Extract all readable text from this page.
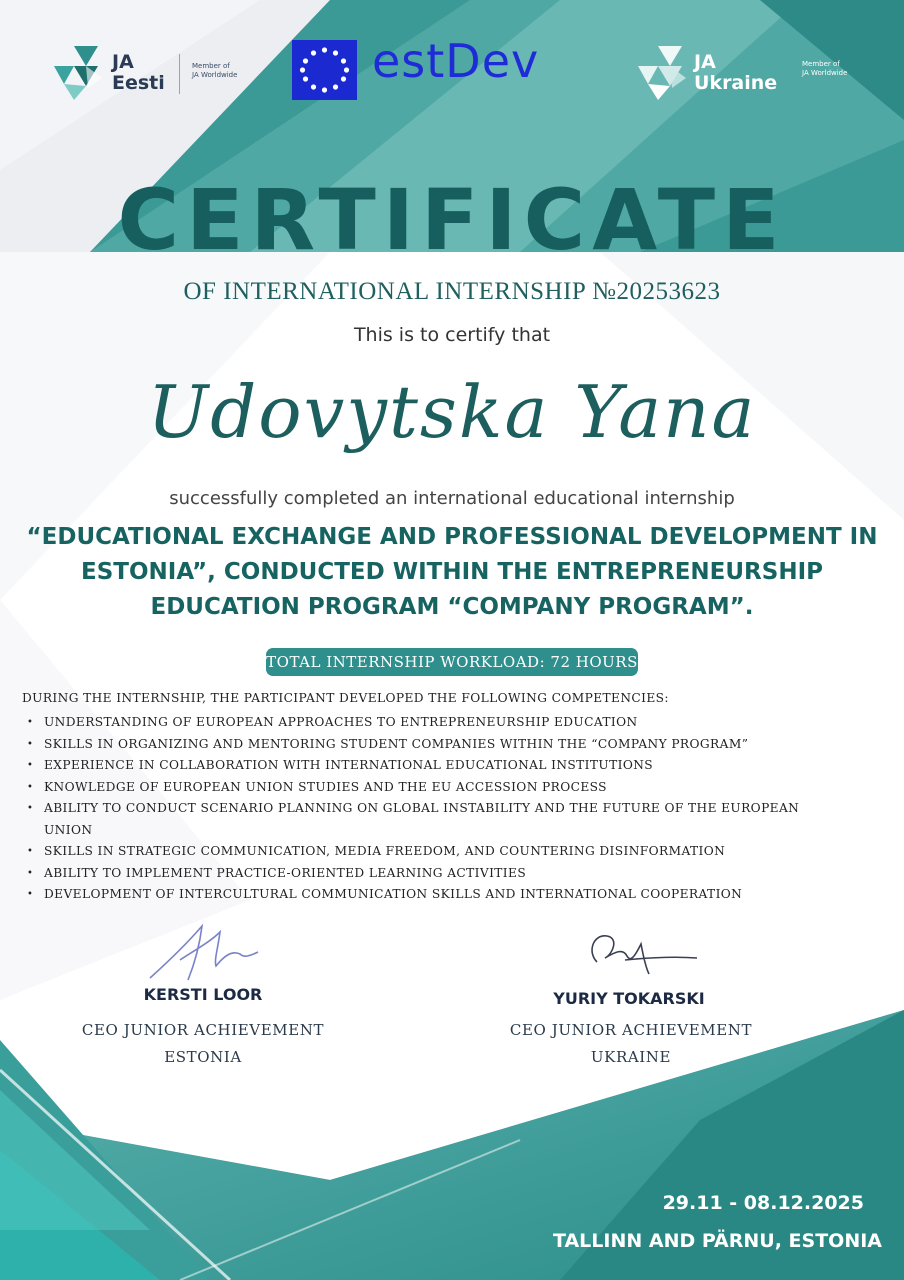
JA
Eesti
Member of
JA Worldwide	estDev	JA
Ukraine
Member of
JA Worldwide
CERTIFICATE
OF INTERNATIONAL INTERNSHIP №20253623
This is to certify that
Udovytska Yana
successfully completed an international educational internship
“EDUCATIONAL EXCHANGE AND PROFESSIONAL DEVELOPMENT IN
ESTONIA”, CONDUCTED WITHIN THE ENTREPRENEURSHIP
EDUCATION PROGRAM “COMPANY PROGRAM”.
TOTAL INTERNSHIP WORKLOAD: 72 HOURS
DURING THE INTERNSHIP, THE PARTICIPANT DEVELOPED THE FOLLOWING COMPETENCIES:
• UNDERSTANDING OF EUROPEAN APPROACHES TO ENTREPRENEURSHIP EDUCATION
• SKILLS IN ORGANIZING AND MENTORING STUDENT COMPANIES WITHIN THE “COMPANY PROGRAM”
• EXPERIENCE IN COLLABORATION WITH INTERNATIONAL EDUCATIONAL INSTITUTIONS
• KNOWLEDGE OF EUROPEAN UNION STUDIES AND THE EU ACCESSION PROCESS
• ABILITY TO CONDUCT SCENARIO PLANNING ON GLOBAL INSTABILITY AND THE FUTURE OF THE EUROPEAN UNION
• SKILLS IN STRATEGIC COMMUNICATION, MEDIA FREEDOM, AND COUNTERING DISINFORMATION
• ABILITY TO IMPLEMENT PRACTICE-ORIENTED LEARNING ACTIVITIES
• DEVELOPMENT OF INTERCULTURAL COMMUNICATION SKILLS AND INTERNATIONAL COOPERATION
KERSTI LOOR
CEO JUNIOR ACHIEVEMENT
ESTONIA
YURIY TOKARSKI
CEO JUNIOR ACHIEVEMENT
UKRAINE
29.11 - 08.12.2025
TALLINN AND PÄRNU, ESTONIA
